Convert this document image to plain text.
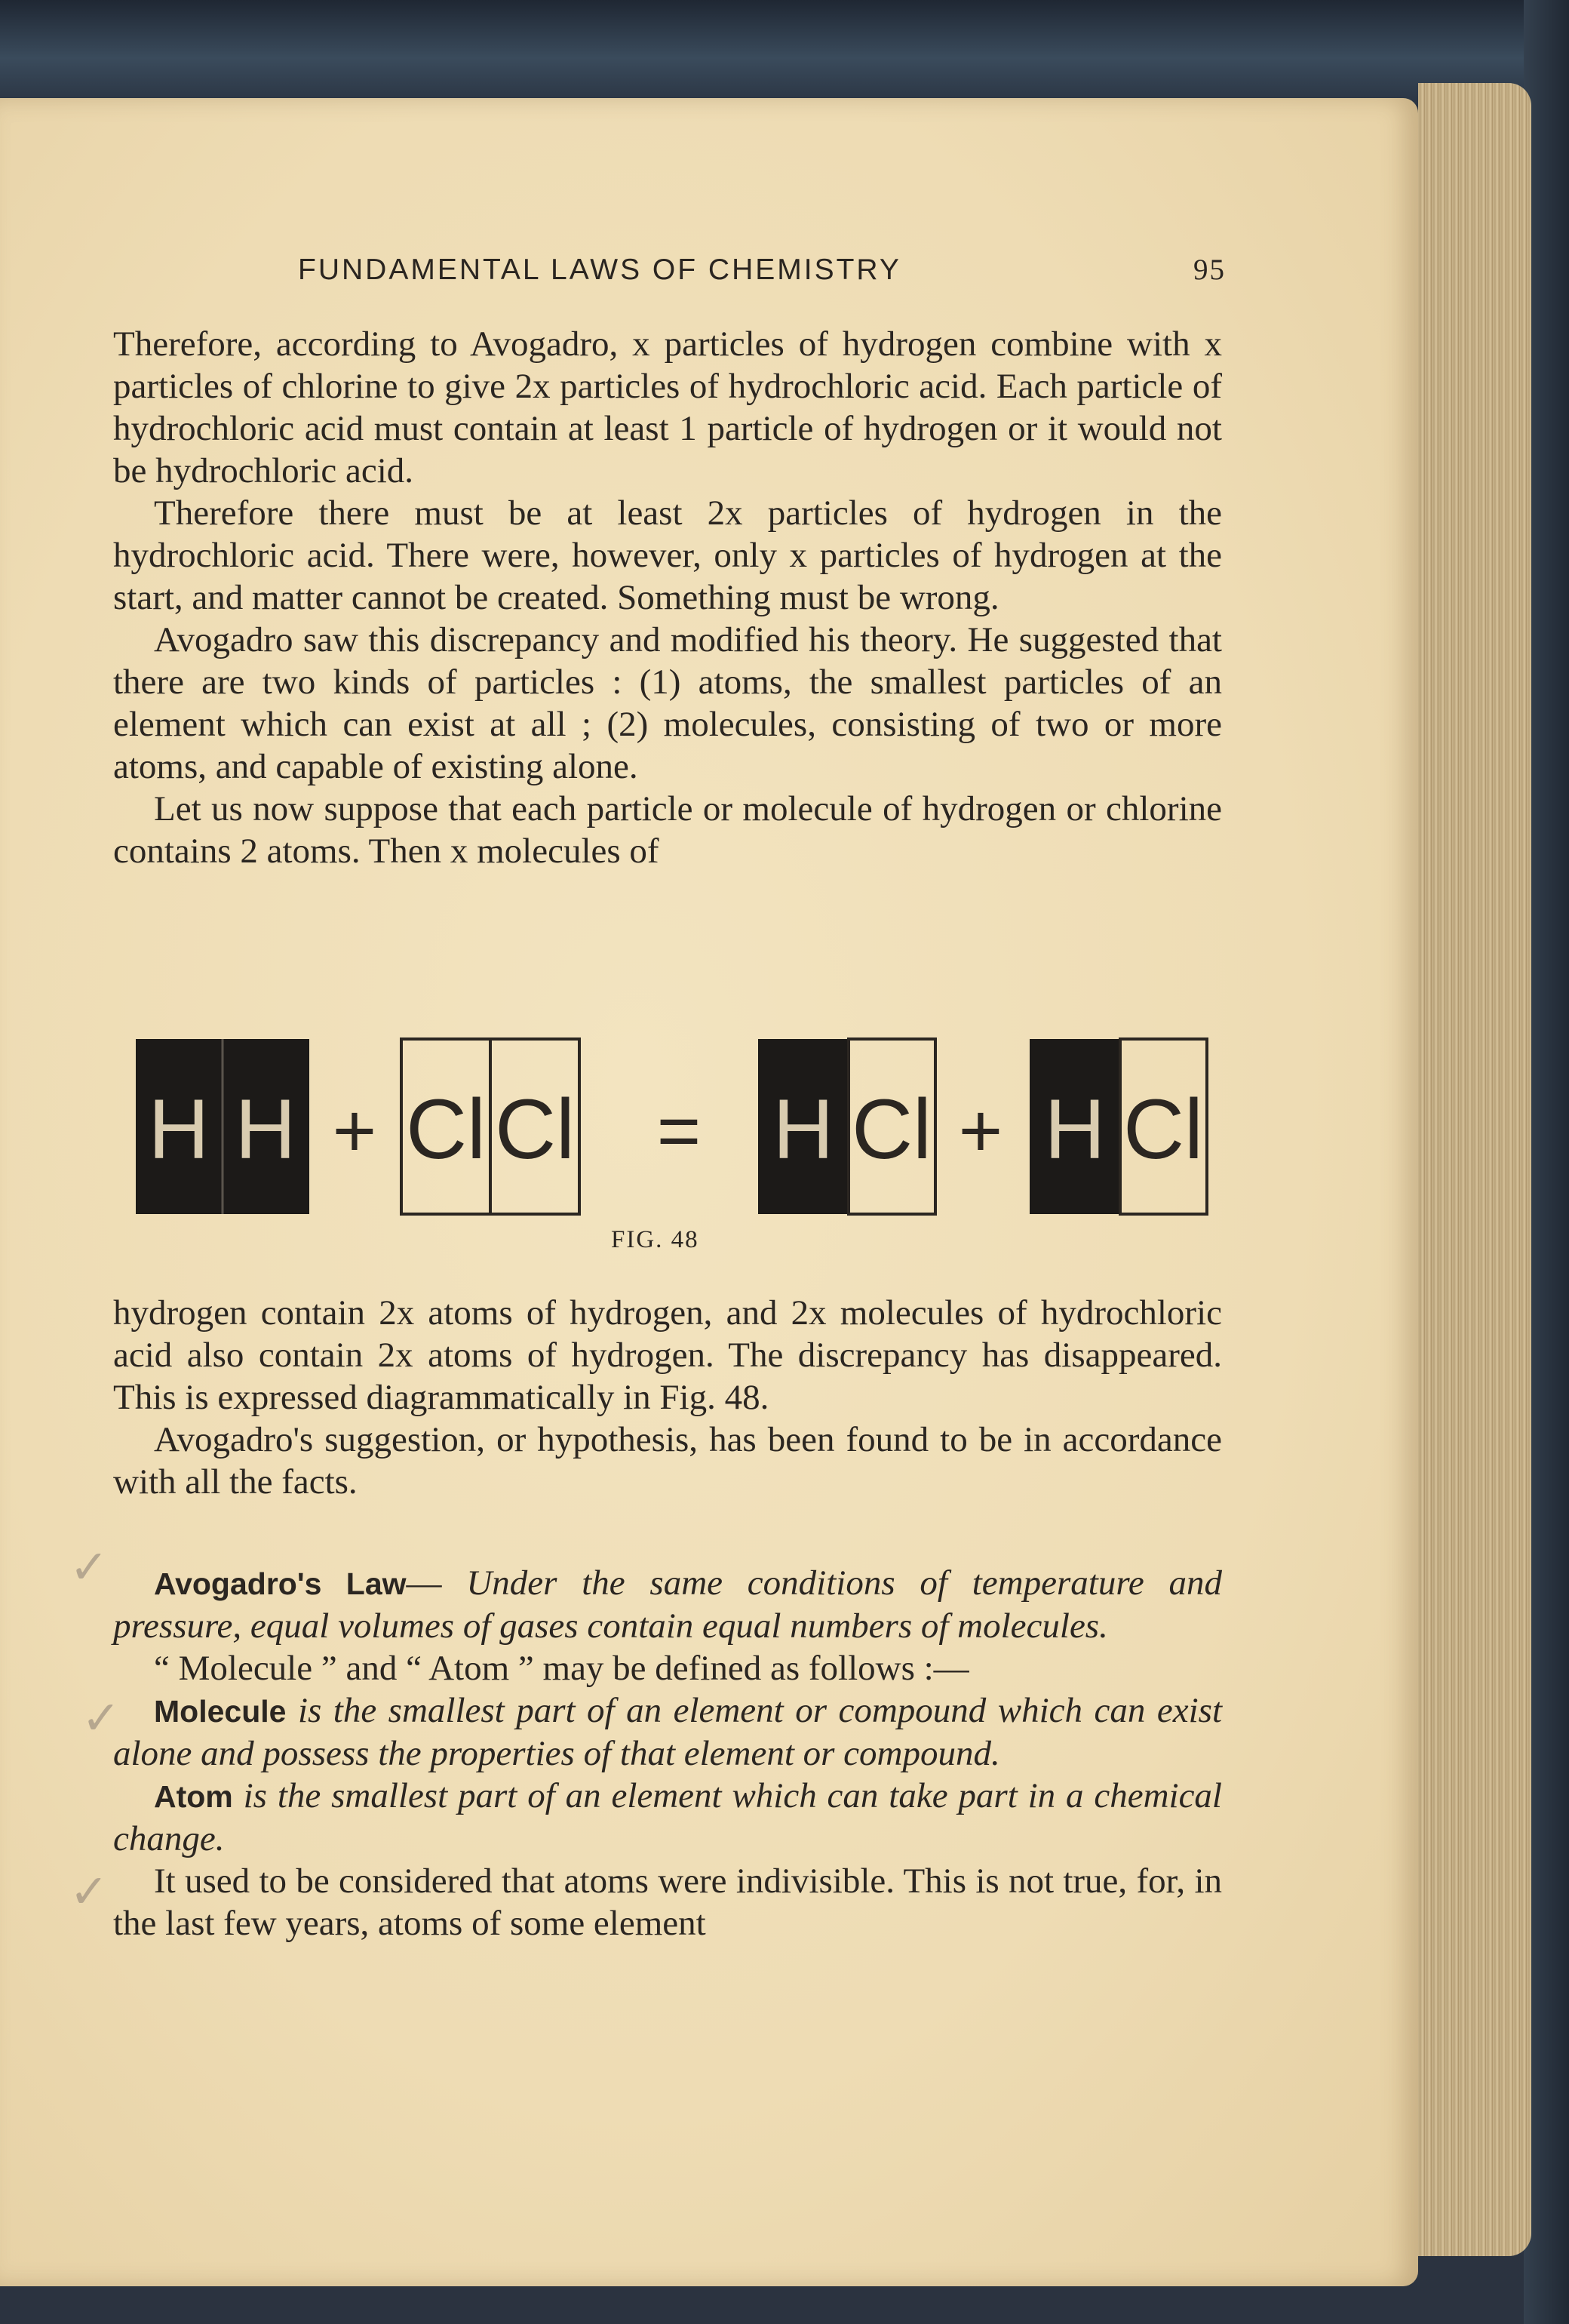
FUNDAMENTAL LAWS OF CHEMISTRY	95

Therefore, according to Avogadro, x particles of hydrogen combine with x particles of chlorine to give 2x particles of hydrochloric acid. Each particle of hydrochloric acid must contain at least 1 particle of hydrogen or it would not be hydrochloric acid.

Therefore there must be at least 2x particles of hydrogen in the hydrochloric acid. There were, however, only x particles of hydrogen at the start, and matter cannot be created. Something must be wrong.

Avogadro saw this discrepancy and modified his theory. He suggested that there are two kinds of particles : (1) atoms, the smallest particles of an element which can exist at all ; (2) molecules, consisting of two or more atoms, and capable of existing alone.

Let us now suppose that each particle or molecule of hydrogen or chlorine contains 2 atoms. Then x molecules of

H H + Cl Cl = H Cl + H Cl
FIG. 48

hydrogen contain 2x atoms of hydrogen, and 2x molecules of hydrochloric acid also contain 2x atoms of hydrogen. The discrepancy has disappeared. This is expressed diagrammatically in Fig. 48.

Avogadro's suggestion, or hypothesis, has been found to be in accordance with all the facts.

Avogadro's Law— Under the same conditions of temperature and pressure, equal volumes of gases contain equal numbers of molecules.

“ Molecule ” and “ Atom ” may be defined as follows :—

Molecule is the smallest part of an element or compound which can exist alone and possess the properties of that element or compound.

Atom is the smallest part of an element which can take part in a chemical change.

It used to be considered that atoms were indivisible. This is not true, for, in the last few years, atoms of some element

✓
✓
✓
